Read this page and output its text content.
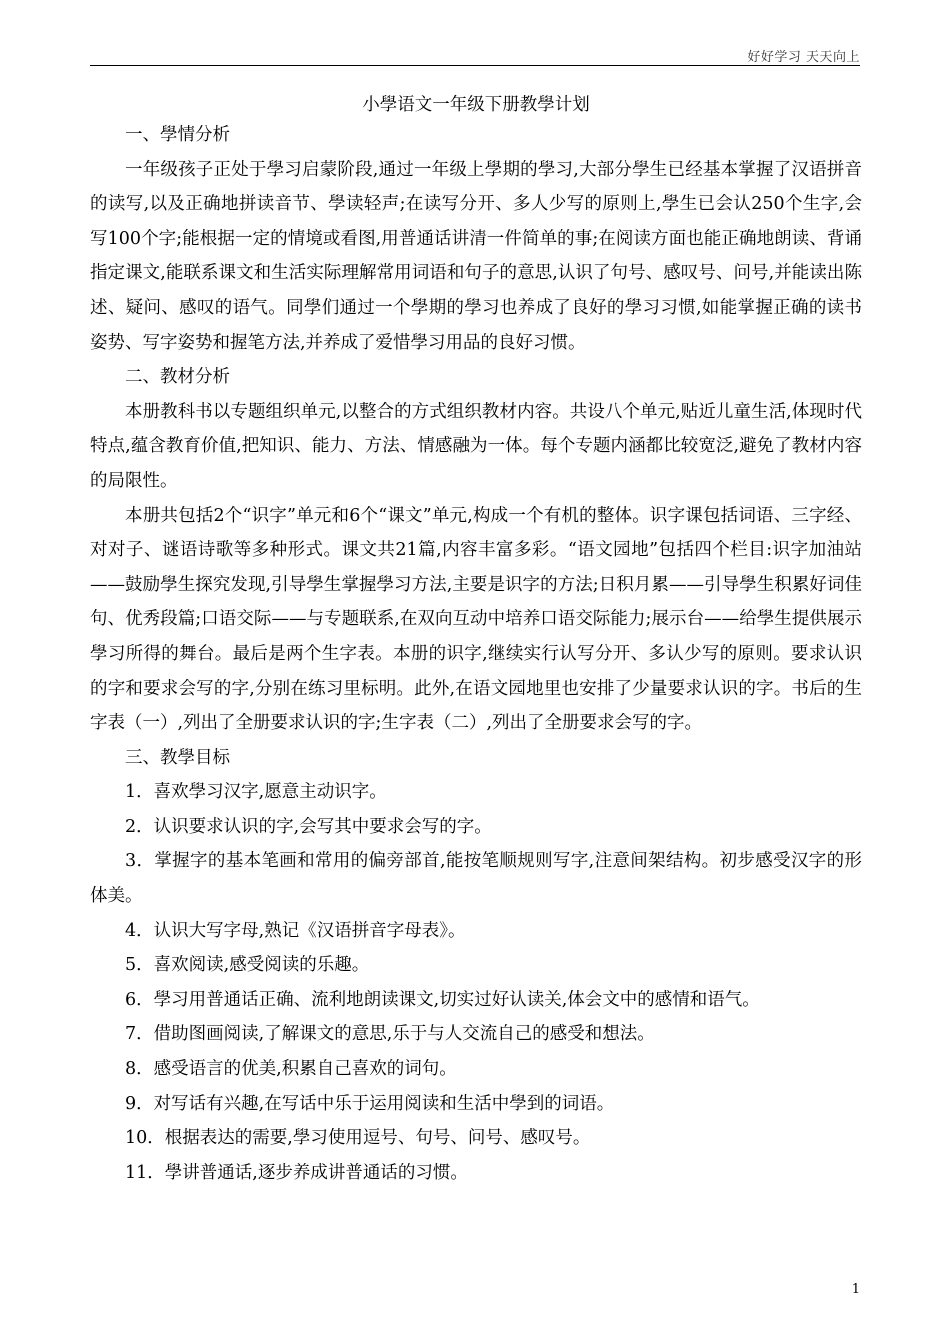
好好学习 天天向上

小學语文一年级下册教學计划

一、學情分析

一年级孩子正处于學习启蒙阶段,通过一年级上學期的學习,大部分學生已经基本掌握了汉语拼音的读写,以及正确地拼读音节、學读轻声;在读写分开、多人少写的原则上,學生已会认250个生字,会写100个字;能根据一定的情境或看图,用普通话讲清一件简单的事;在阅读方面也能正确地朗读、背诵指定课文,能联系课文和生活实际理解常用词语和句子的意思,认识了句号、感叹号、问号,并能读出陈述、疑问、感叹的语气。同學们通过一个學期的學习也养成了良好的學习习惯,如能掌握正确的读书姿势、写字姿势和握笔方法,并养成了爱惜學习用品的良好习惯。

二、教材分析

本册教科书以专题组织单元,以整合的方式组织教材内容。共设八个单元,贴近儿童生活,体现时代特点,蕴含教育价值,把知识、能力、方法、情感融为一体。每个专题内涵都比较宽泛,避免了教材内容的局限性。

本册共包括2个“识字”单元和6个“课文”单元,构成一个有机的整体。识字课包括词语、三字经、对对子、谜语诗歌等多种形式。课文共21篇,内容丰富多彩。“语文园地”包括四个栏目:识字加油站——鼓励學生探究发现,引导學生掌握學习方法,主要是识字的方法;日积月累——引导學生积累好词佳句、优秀段篇;口语交际——与专题联系,在双向互动中培养口语交际能力;展示台——给學生提供展示學习所得的舞台。最后是两个生字表。本册的识字,继续实行认写分开、多认少写的原则。要求认识的字和要求会写的字,分别在练习里标明。此外,在语文园地里也安排了少量要求认识的字。书后的生字表（一）,列出了全册要求认识的字;生字表（二）,列出了全册要求会写的字。

三、教學目标

1．喜欢學习汉字,愿意主动识字。

2．认识要求认识的字,会写其中要求会写的字。

3．掌握字的基本笔画和常用的偏旁部首,能按笔顺规则写字,注意间架结构。初步感受汉字的形体美。

4．认识大写字母,熟记《汉语拼音字母表》。

5．喜欢阅读,感受阅读的乐趣。

6．學习用普通话正确、流利地朗读课文,切实过好认读关,体会文中的感情和语气。

7．借助图画阅读,了解课文的意思,乐于与人交流自己的感受和想法。

8．感受语言的优美,积累自己喜欢的词句。

9．对写话有兴趣,在写话中乐于运用阅读和生活中學到的词语。

10．根据表达的需要,學习使用逗号、句号、问号、感叹号。

11．學讲普通话,逐步养成讲普通话的习惯。

1
